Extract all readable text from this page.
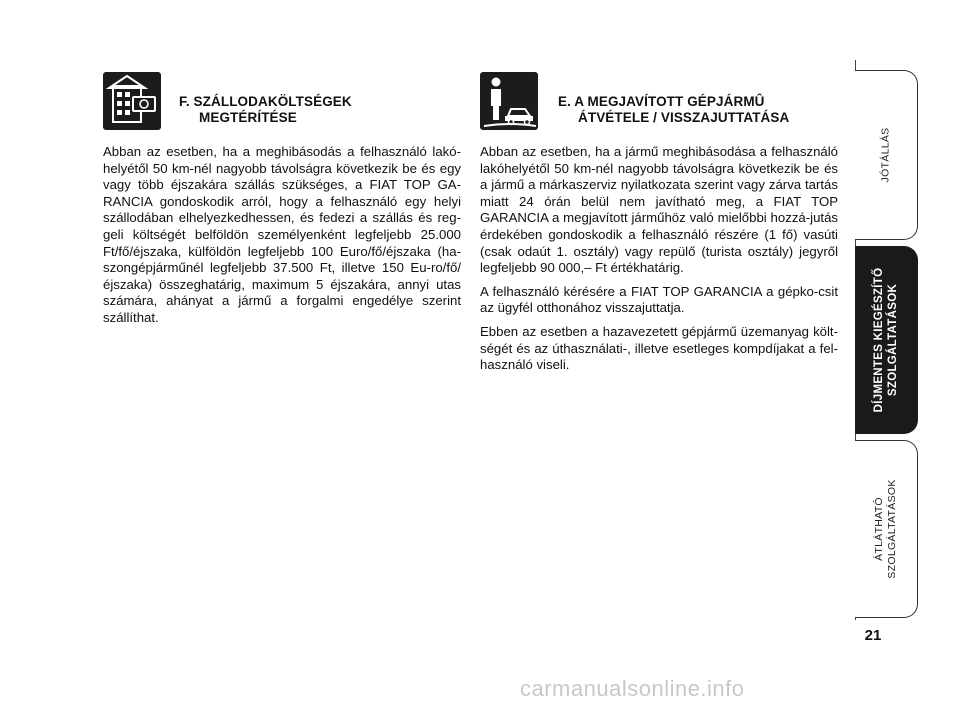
F. SZÁLLODAKÖLTSÉGEK
MEGTÉRÍTÉSE

Abban az esetben, ha a meghibásodás a felhasználó lakó-helyétől 50 km-nél nagyobb távolságra következik be és egy vagy több éjszakára szállás szükséges, a FIAT TOP GA-RANCIA gondoskodik arról, hogy a felhasználó egy helyi szállodában elhelyezkedhessen, és fedezi a szállás és reg-geli költségét belföldön személyenként legfeljebb 25.000 Ft/fő/éjszaka, külföldön legfeljebb 100 Euro/fő/éjszaka (ha-szongépjárműnél legfeljebb 37.500 Ft, illetve 150 Eu-ro/fő/éjszaka) összeghatárig, maximum 5 éjszakára, annyi utas számára, ahányat a jármű a forgalmi engedélye szerint szállíthat.

E. A MEGJAVÍTOTT GÉPJÁRMÛ
ÁTVÉTELE / VISSZAJUTTATÁSA

Abban az esetben, ha a jármű meghibásodása a felhasználó lakóhelyétől 50 km-nél nagyobb távolságra következik be és a jármű a márkaszerviz nyilatkozata szerint vagy zárva tartás miatt 24 órán belül nem javítható meg, a FIAT TOP GARANCIA a megjavított járműhöz való mielőbbi hozzá-jutás érdekében gondoskodik a felhasználó részére (1 fő) vasúti (csak odaút 1. osztály) vagy repülő (turista osztály) jegyről legfeljebb 90 000,– Ft értékhatárig.

A felhasználó kérésére a FIAT TOP GARANCIA a gépko-csit az ügyfél otthonához visszajuttatja.

Ebben az esetben a hazavezetett gépjármű üzemanyag költ-ségét és az úthasználati-, illetve esetleges kompdíjakat a fel-használó viseli.

JÓTÁLLÁS
DÍJMENTES KIEGÉSZÍTŐ SZOLGÁLTATÁSOK
ÁTLÁTHATÓ SZOLGÁLTATÁSOK
21
carmanualsonline.info
